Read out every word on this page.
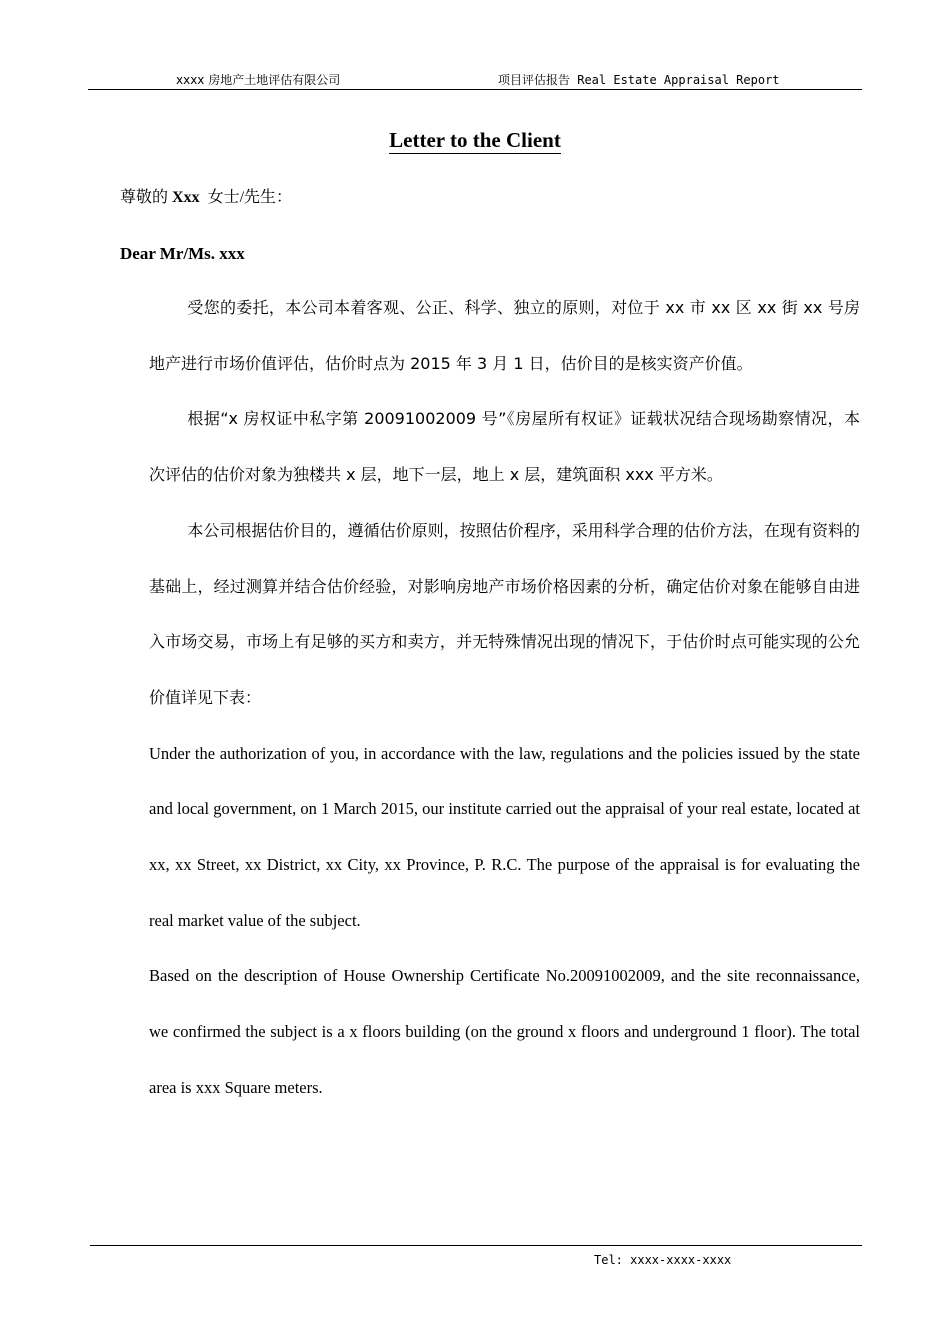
xxxx 房地产土地评估有限公司	项目评估报告 Real Estate Appraisal Report
Letter to the Client
尊敬的 Xxx  女士/先生：
Dear Mr/Ms. xxx

受您的委托，本公司本着客观、公正、科学、独立的原则，对位于 xx 市 xx 区 xx 街 xx 号房地产进行市场价值评估，估价时点为 2015 年 3 月 1 日，估价目的是核实资产价值。

根据“x 房权证中私字第 20091002009 号”《房屋所有权证》证载状况结合现场勘察情况，本次评估的估价对象为独楼共 x 层，地下一层，地上 x 层，建筑面积 xxx 平方米。

本公司根据估价目的，遵循估价原则，按照估价程序，采用科学合理的估价方法，在现有资料的基础上，经过测算并结合估价经验，对影响房地产市场价格因素的分析，确定估价对象在能够自由进入市场交易，市场上有足够的买方和卖方，并无特殊情况出现的情况下，于估价时点可能实现的公允价值详见下表：

Under the authorization of you, in accordance with the law, regulations and the policies issued by the state and local government, on 1 March 2015, our institute carried out the appraisal of your real estate, located at xx, xx Street, xx District, xx City, xx Province, P. R.C. The purpose of the appraisal is for evaluating the real market value of the subject.

Based on the description of House Ownership Certificate No.20091002009, and the site reconnaissance, we confirmed the subject is a x floors building (on the ground x floors and underground 1 floor). The total area is xxx Square meters.

Tel: xxxx-xxxx-xxxx
